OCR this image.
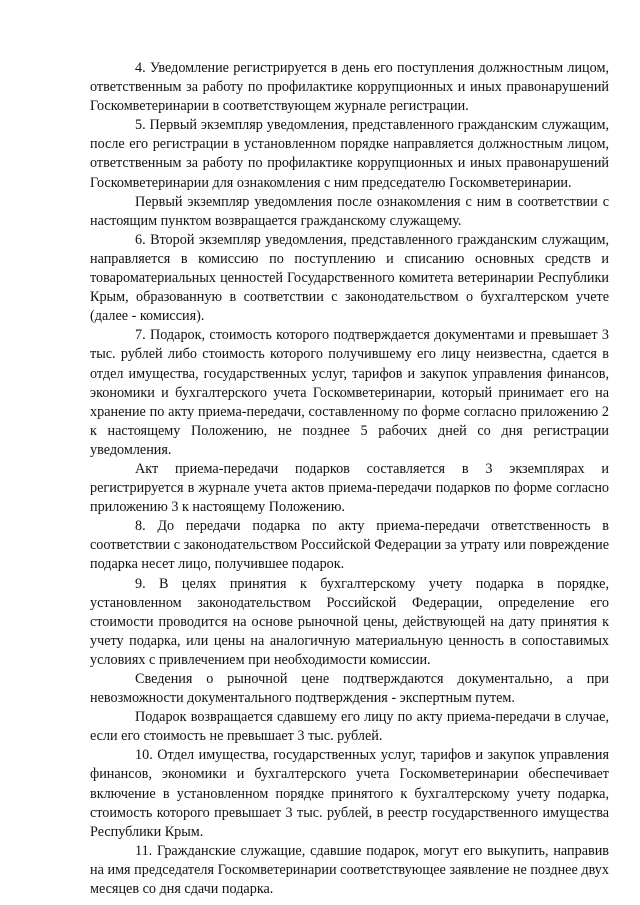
4. Уведомление регистрируется в день его поступления должностным лицом, ответственным за работу по профилактике коррупционных и иных правонарушений Госкомветеринарии в соответствующем журнале регистрации.

5. Первый экземпляр уведомления, представленного гражданским служащим, после его регистрации в установленном порядке направляется должностным лицом, ответственным за работу по профилактике коррупционных и иных правонарушений Госкомветеринарии для ознакомления с ним председателю Госкомветеринарии.

Первый экземпляр уведомления после ознакомления с ним в соответствии с настоящим пунктом возвращается гражданскому служащему.

6. Второй экземпляр уведомления, представленного гражданским служащим, направляется в комиссию по поступлению и списанию основных средств и товароматериальных ценностей Государственного комитета ветеринарии Республики Крым, образованную в соответствии с законодательством о бухгалтерском учете (далее - комиссия).

7. Подарок, стоимость которого подтверждается документами и превышает 3 тыс. рублей либо стоимость которого получившему его лицу неизвестна, сдается в отдел имущества, государственных услуг, тарифов и закупок управления финансов, экономики и бухгалтерского учета Госкомветеринарии, который принимает его на хранение по акту приема-передачи, составленному по форме согласно приложению 2 к настоящему Положению, не позднее 5 рабочих дней со дня регистрации уведомления.

Акт приема-передачи подарков составляется в 3 экземплярах и регистрируется в журнале учета актов приема-передачи подарков по форме согласно приложению 3 к настоящему Положению.

8. До передачи подарка по акту приема-передачи ответственность в соответствии с законодательством Российской Федерации за утрату или повреждение подарка несет лицо, получившее подарок.

9. В целях принятия к бухгалтерскому учету подарка в порядке, установленном законодательством Российской Федерации, определение его стоимости проводится на основе рыночной цены, действующей на дату принятия к учету подарка, или цены на аналогичную материальную ценность в сопоставимых условиях с привлечением при необходимости комиссии.

Сведения о рыночной цене подтверждаются документально, а при невозможности документального подтверждения - экспертным путем.

Подарок возвращается сдавшему его лицу по акту приема-передачи в случае, если его стоимость не превышает 3 тыс. рублей.

10. Отдел имущества, государственных услуг, тарифов и закупок управления финансов, экономики и бухгалтерского учета Госкомветеринарии обеспечивает включение в установленном порядке принятого к бухгалтерскому учету подарка, стоимость которого превышает 3 тыс. рублей, в реестр государственного имущества Республики Крым.

11. Гражданские служащие, сдавшие подарок, могут его выкупить, направив на имя председателя Госкомветеринарии соответствующее заявление не позднее двух месяцев со дня сдачи подарка.
